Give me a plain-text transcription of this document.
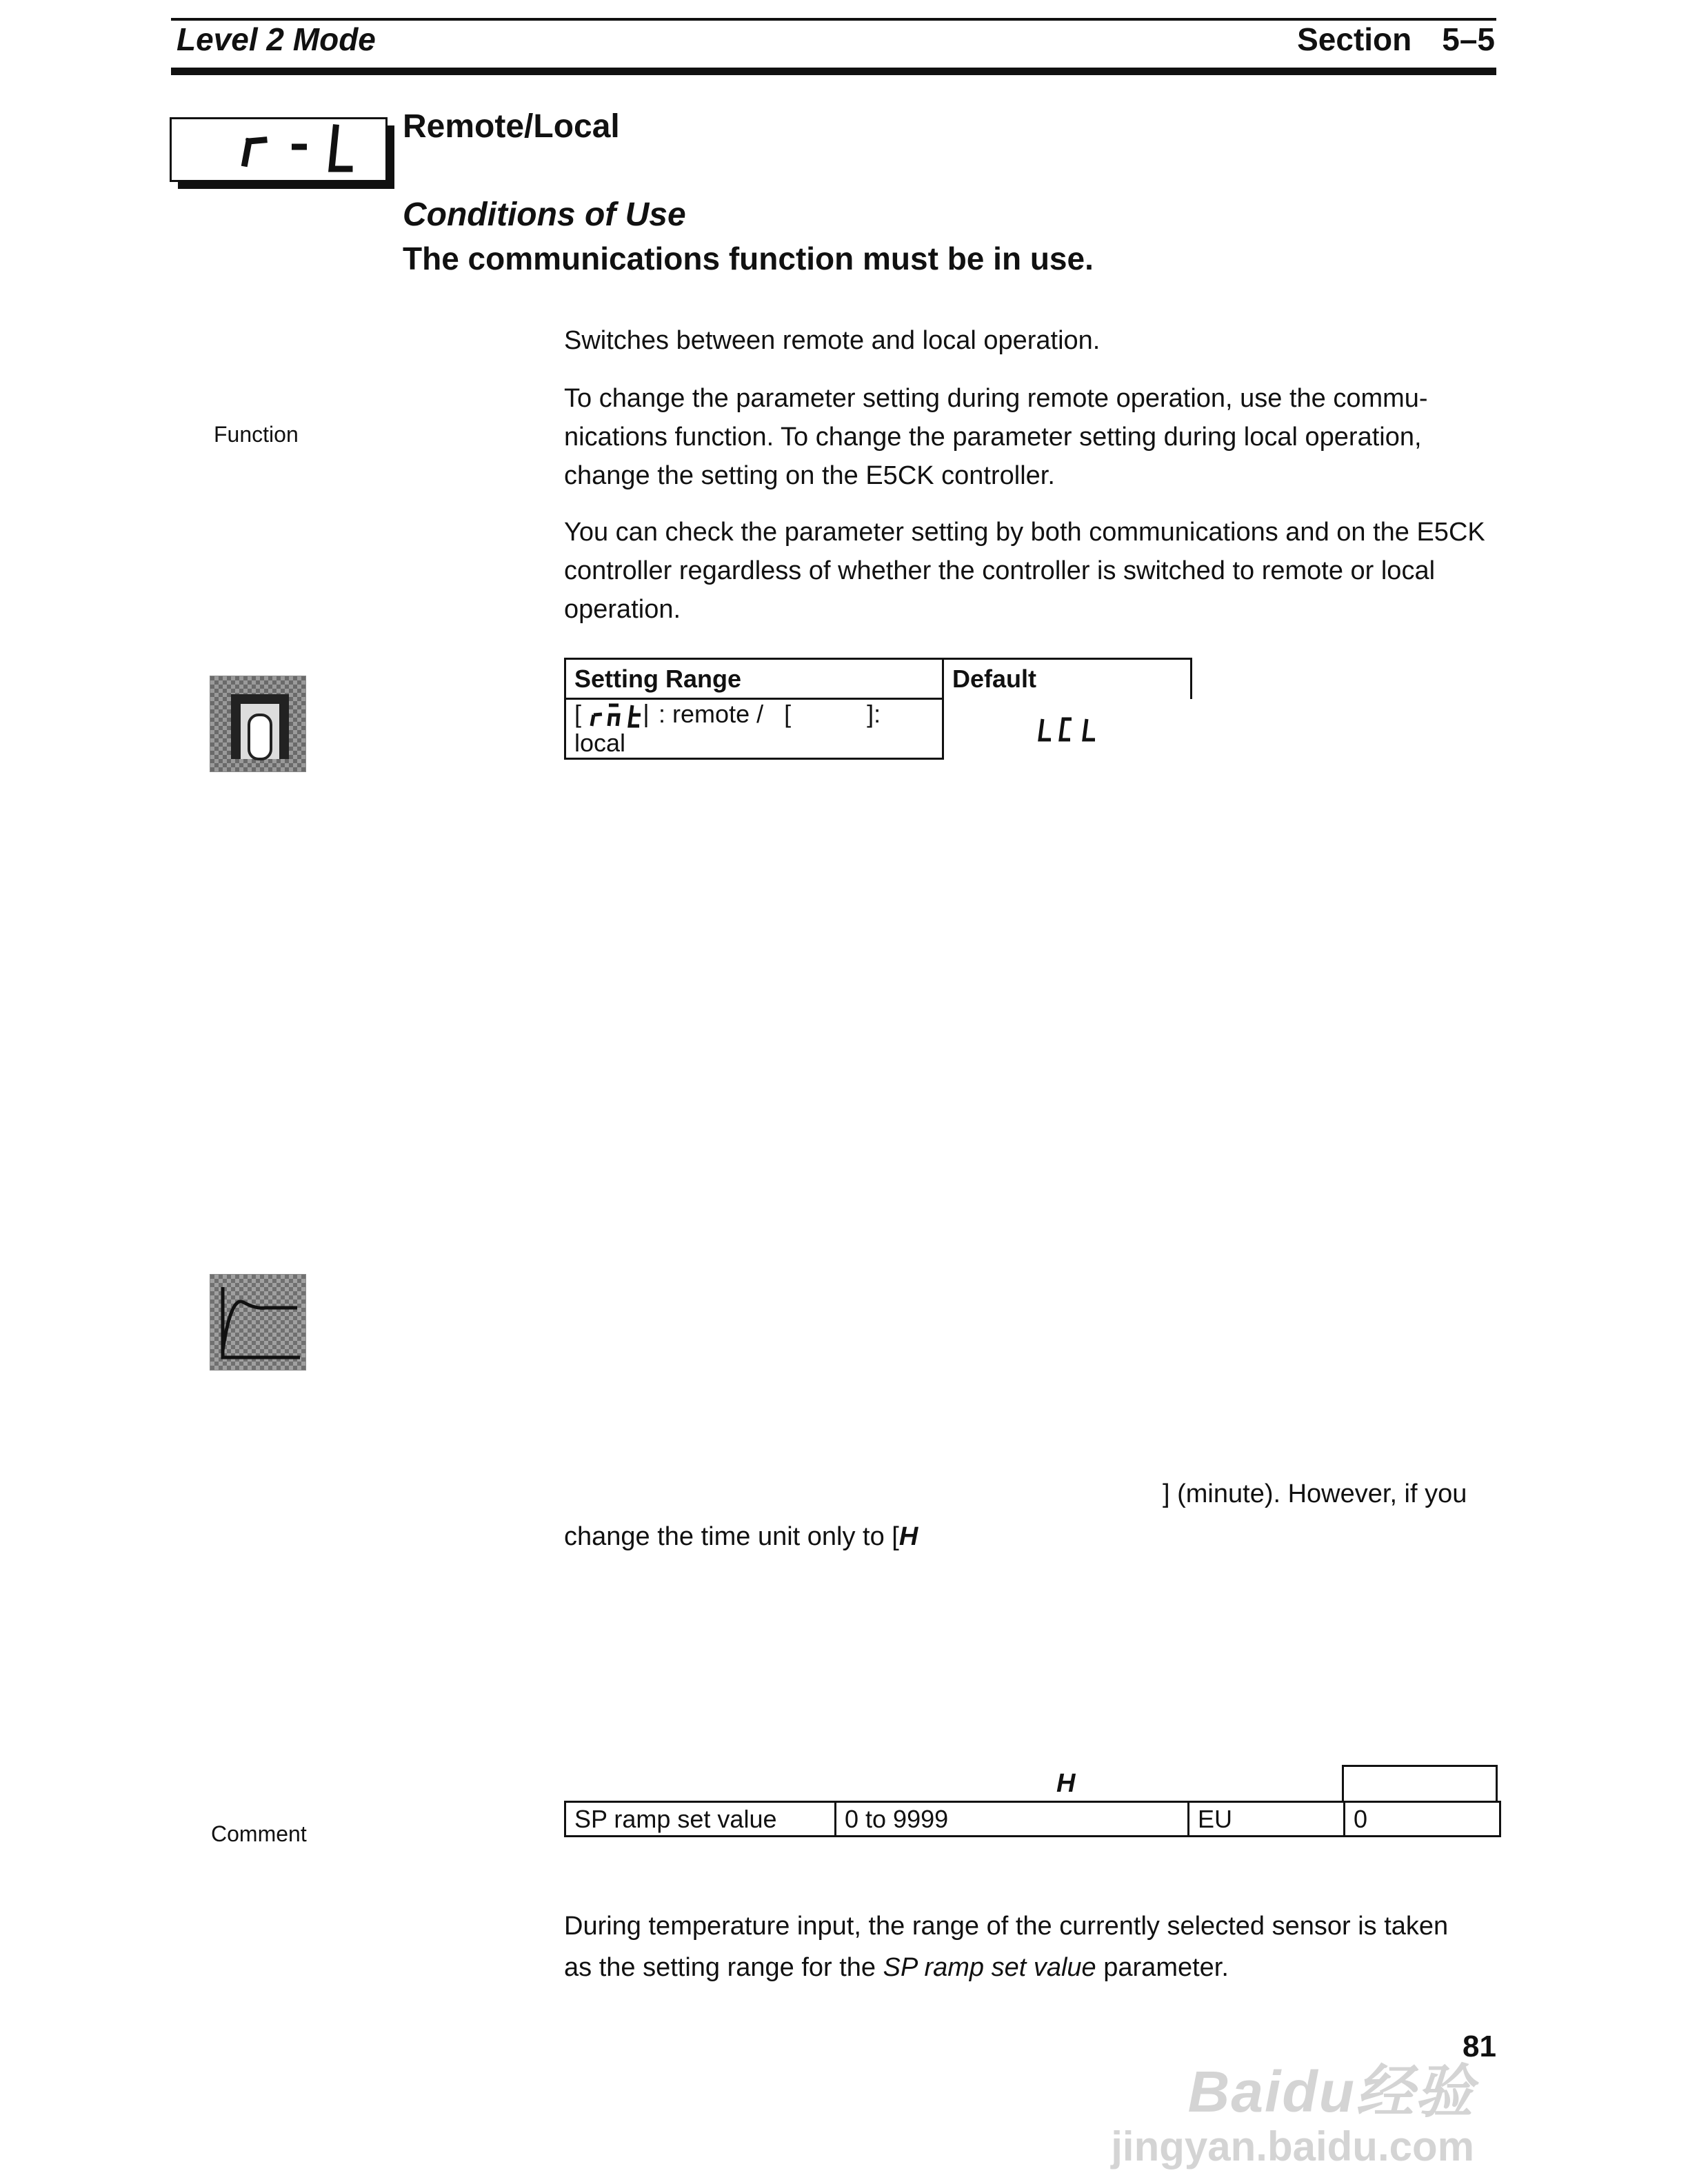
Level 2 Mode	Section 5–5
Remote/Local
Conditions of Use
The communications function must be in use.
Function
Switches between remote and local operation.
To change the parameter setting during remote operation, use the commu-nications function. To change the parameter setting during local operation, change the setting on the E5CK controller.
You can check the parameter setting by both communications and on the E5CK controller regardless of whether the controller is switched to remote or local operation.
Setting Range	Default
[ : remote / [ ]: local	
] (minute). However, if you
change the time unit only to [H
Comment
H
SP ramp set value	0 to 9999	EU	0
During temperature input, the range of the currently selected sensor is taken
as the setting range for the SP ramp set value parameter.
Baidu经验
jingyan.baidu.com
81
